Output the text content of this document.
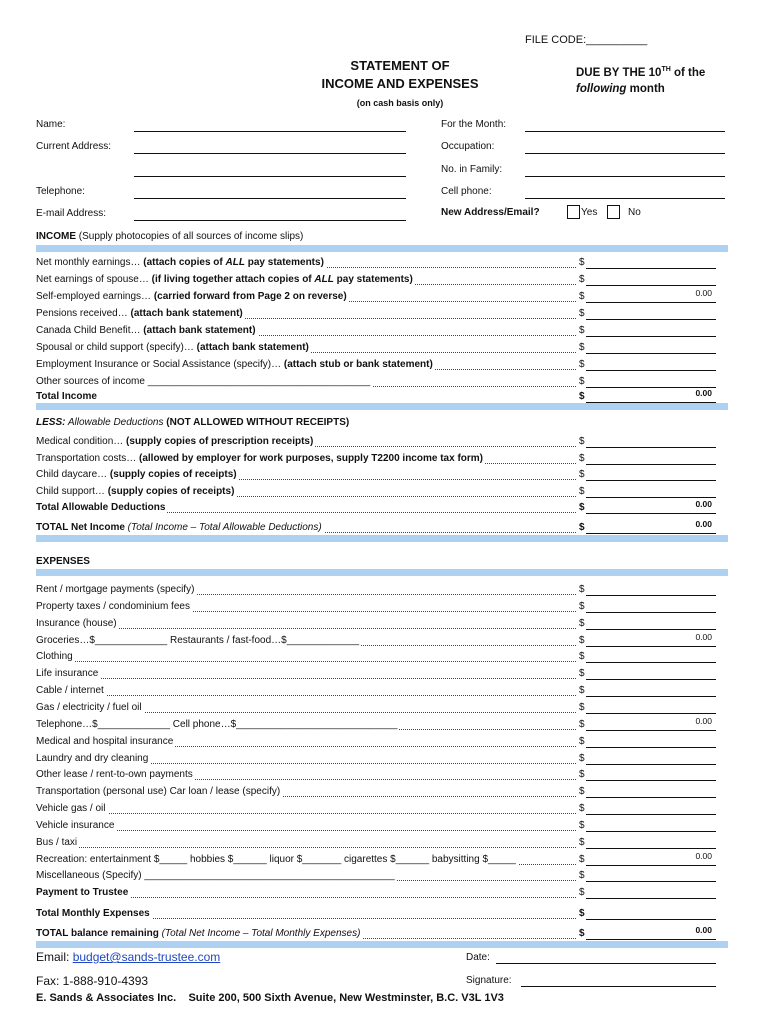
FILE CODE:__________
STATEMENT OF
INCOME AND EXPENSES
DUE BY THE 10TH of the
following month
(on cash basis only)
Name:	For the Month:
Current Address:	Occupation:
No. in Family:
Telephone:	Cell phone:
E-mail Address:	New Address/Email?	Yes	No
INCOME (Supply photocopies of all sources of income slips)
Net monthly earnings… (attach copies of ALL pay statements)	$
Net earnings of spouse… (if living together attach copies of ALL pay statements)	$
Self-employed earnings… (carried forward from Page 2 on reverse)	$	0.00
Pensions received… (attach bank statement)	$
Canada Child Benefit… (attach bank statement)	$
Spousal or child support (specify)… (attach bank statement)	$
Employment Insurance or Social Assistance (specify)… (attach stub or bank statement)	$
Other sources of income ________________________________________	$
Total Income	$	0.00
LESS: Allowable Deductions (NOT ALLOWED WITHOUT RECEIPTS)
Medical condition… (supply copies of prescription receipts)	$
Transportation costs… (allowed by employer for work purposes, supply T2200 income tax form)	$
Child daycare… (supply copies of receipts)	$
Child support… (supply copies of receipts)	$
Total Allowable Deductions	$	0.00
TOTAL Net Income (Total Income – Total Allowable Deductions)	$	0.00
EXPENSES
Rent / mortgage payments (specify)	$
Property taxes / condominium fees	$
Insurance (house)	$
Groceries…$_____________ Restaurants / fast-food…$_____________	$	0.00
Clothing	$
Life insurance	$
Cable / internet	$
Gas / electricity / fuel oil	$
Telephone…$_____________ Cell phone…$_____________________________	$	0.00
Medical and hospital insurance	$
Laundry and dry cleaning	$
Other lease / rent-to-own payments	$
Transportation (personal use) Car loan / lease (specify)	$
Vehicle gas / oil	$
Vehicle insurance	$
Bus / taxi	$
Recreation: entertainment $_____ hobbies $______ liquor $_______ cigarettes $______ babysitting $_____	$	0.00
Miscellaneous (Specify) _____________________________________________	$
Payment to Trustee	$
Total Monthly Expenses	$
TOTAL balance remaining (Total Net Income – Total Monthly Expenses)	$	0.00
Email: budget@sands-trustee.com
Fax: 1-888-910-4393
E. Sands & Associates Inc. Suite 200, 500 Sixth Avenue, New Westminster, B.C. V3L 1V3
Date:
Signature:
